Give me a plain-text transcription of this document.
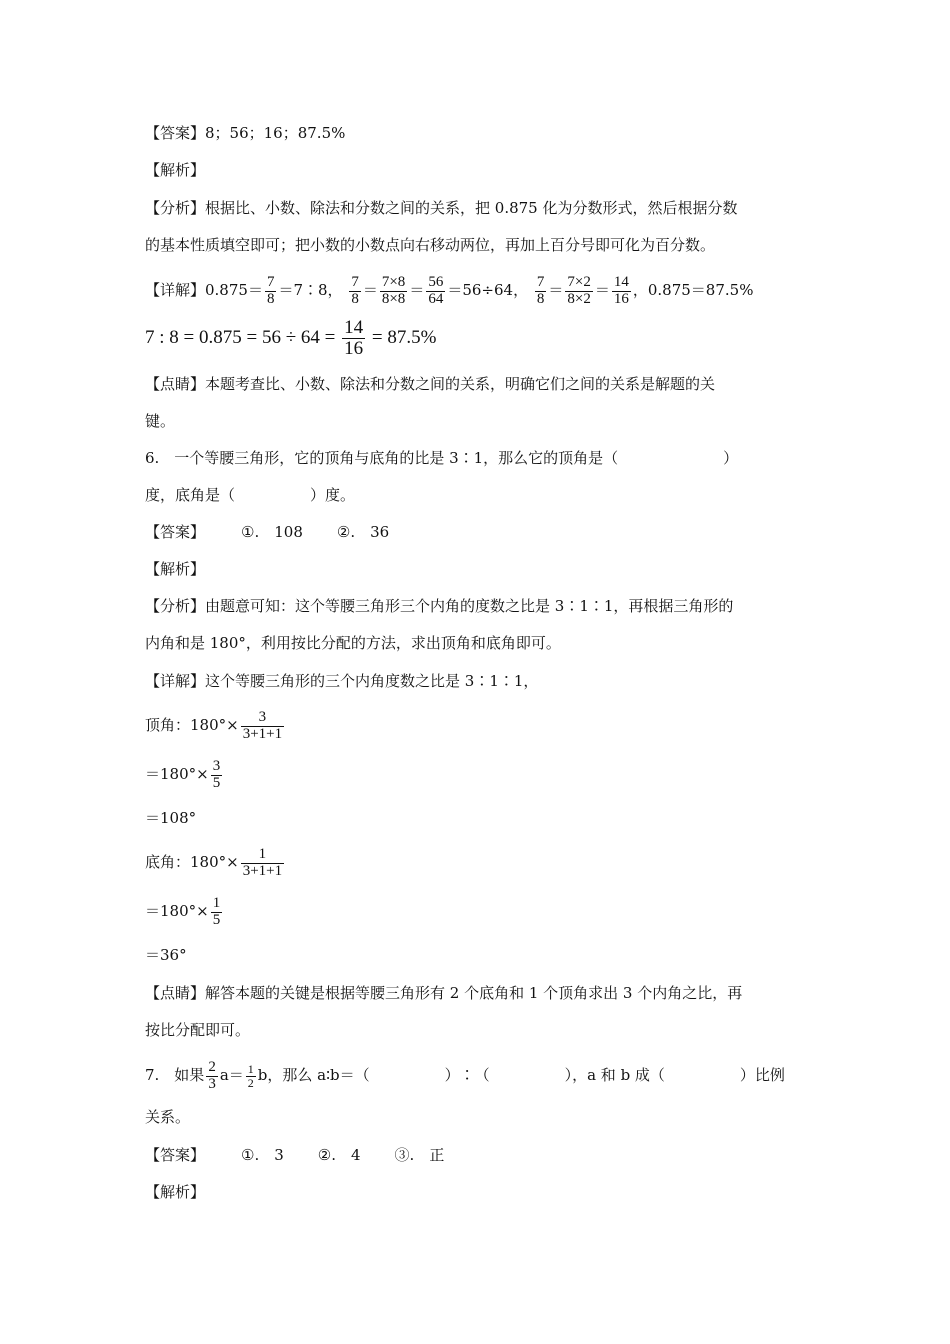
【答案】8；56；16；87.5%
【解析】
【分析】根据比、小数、除法和分数之间的关系，把 0.875 化为分数形式，然后根据分数
的基本性质填空即可；把小数的小数点向右移动两位，再加上百分号即可化为百分数。
【详解】$0.875= \frac{7}{8}$ ＝7∶8， $\frac{7}{8} = \frac{7\times 8}{8\times 8} = \frac{56}{64} =56\div 64$， $\frac{7}{8} = \frac{7\times 2}{8\times 2} = \frac{14}{16}$ ，0.875＝87.5%
7 : $8 = 0.875 = 56 \div 64 = \frac{14}{16} = 87.5\%$
【点睛】本题考查比、小数、除法和分数之间的关系，明确它们之间的关系是解题的关
键。
6.　一个等腰三角形，它的顶角与底角的比是 3∶1，那么它的顶角是（　　　　　　　）
度，底角是（　　　　　）度。
【答案】 ①.　108 ②.　36
【解析】
【分析】由题意可知：这个等腰三角形三个内角的度数之比是 3∶1∶1，再根据三角形的
内角和是 180°，利用按比分配的方法，求出顶角和底角即可。
【详解】这个等腰三角形的三个内角度数之比是 3∶1∶1，
顶角：$180^\circ\times \frac{3}{3+1+1}$
$=180^\circ\times \frac{3}{5}$
＝108°
底角：$180^\circ\times \frac{1}{3+1+1}$
$=180^\circ\times \frac{1}{5}$
＝36°
【点睛】解答本题的关键是根据等腰三角形有 2 个底角和 1 个顶角求出 3 个内角之比，再
按比分配即可。
7.　如果 $\frac{2}{3} a= \frac{1}{2}$ b，那么 a∶b＝（　　　　　）∶（　　　　　），a 和 b 成（　　　　　）比例
关系。
【答案】 ①.　3 ②.　4 ③.　正
【解析】
